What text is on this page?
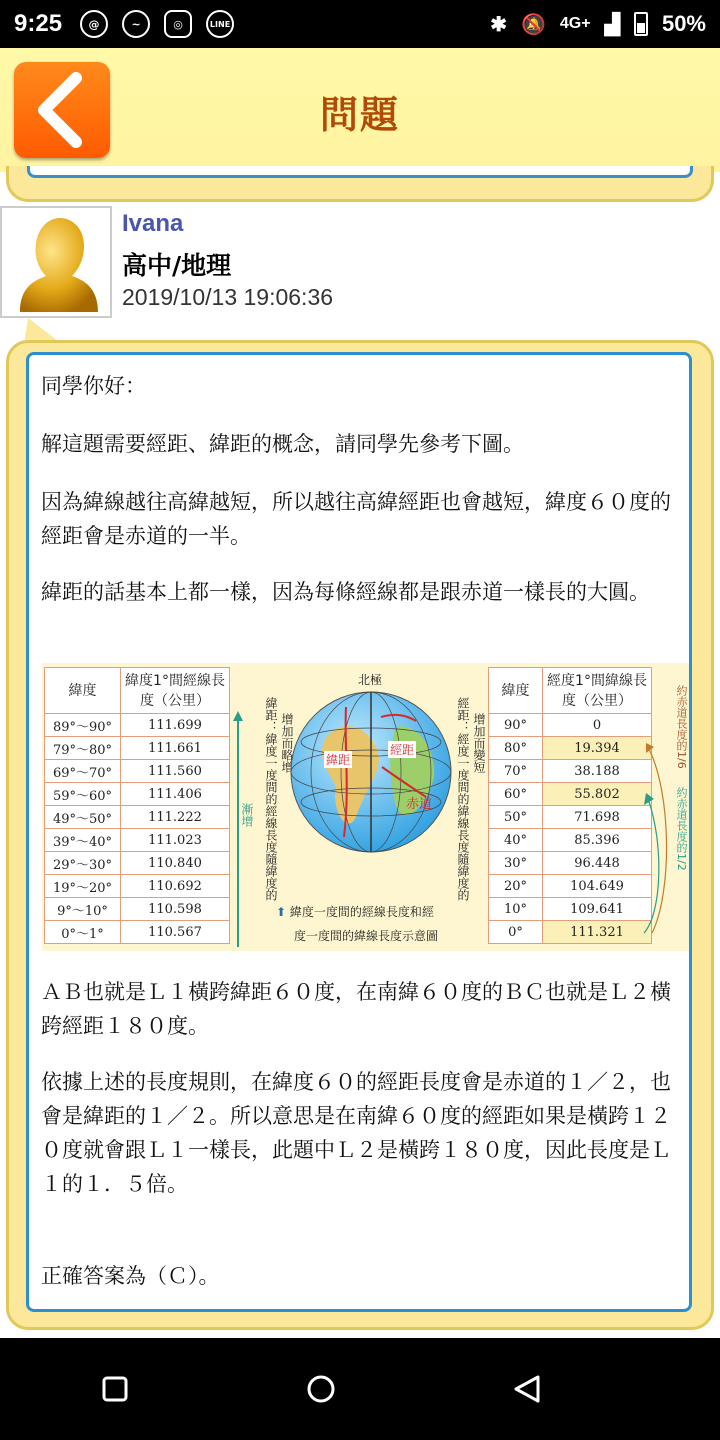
9:25	@	~	◎	LINE	✱ 🔕 4G+ ▟ 50%
問題
Ivana
高中/地理
2019/10/13 19:06:36

同學你好：

解這題需要經距、緯距的概念，請同學先參考下圖。

因為緯線越往高緯越短，所以越往高緯經距也會越短，緯度６０度的經距會是赤道的一半。

緯距的話基本上都一樣，因為每條經線都是跟赤道一樣長的大圓。

緯度	緯度1°間經線長度（公里）
89°～90°	111.699
79°～80°	111.661
69°～70°	111.560
59°～60°	111.406
49°～50°	111.222
39°～40°	111.023
29°～30°	110.840
19°～20°	110.692
9°～10°	110.598
0°～1°	110.567
漸增
北極
緯距：緯度一度間的經線長度隨緯度的 增加而略增	經距：經度一度間的緯線長度隨緯度的 增加而變短
緯距
經距
赤道
⬆ 緯度一度間的經線長度和經
度一度間的緯線長度示意圖
緯度	經度1°間緯線長度（公里）
90°	0
80°	19.394
70°	38.188
60°	55.802
50°	71.698
40°	85.396
30°	96.448
20°	104.649
10°	109.641
0°	111.321
約赤道長度的1/6
約赤道長度的1/2

ＡＢ也就是Ｌ１橫跨緯距６０度，在南緯６０度的ＢＣ也就是Ｌ２橫跨經距１８０度。

依據上述的長度規則，在緯度６０的經距長度會是赤道的１／２，也會是緯距的１／２。所以意思是在南緯６０度的經距如果是橫跨１２０度就會跟Ｌ１一樣長，此題中Ｌ２是橫跨１８０度，因此長度是Ｌ１的１．５倍。

正確答案為（Ｃ）。
